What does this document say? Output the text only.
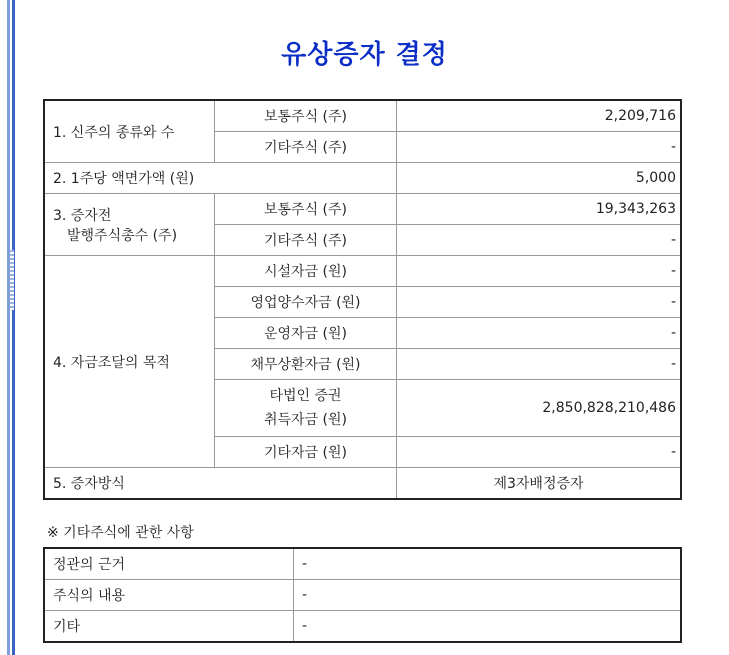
유상증자 결정
1. 신주의 종류와 수	보통주식 (주)	2,209,716
	기타주식 (주)	-
2. 1주당 액면가액 (원)		5,000

3. 증자전
발행주식총수 (주)	보통주식 (주)	19,343,263
	기타주식 (주)	-
4. 자금조달의 목적	시설자금 (원)	-
	영업양수자금 (원)	-
	운영자금 (원)	-
	채무상환자금 (원)	-

	타법인 증권
취득자금 (원)	2,850,828,210,486
	기타자금 (원)	-
5. 증자방식		제3자배정증자
※ 기타주식에 관한 사항
정관의 근거	-
주식의 내용	-
기타	-
